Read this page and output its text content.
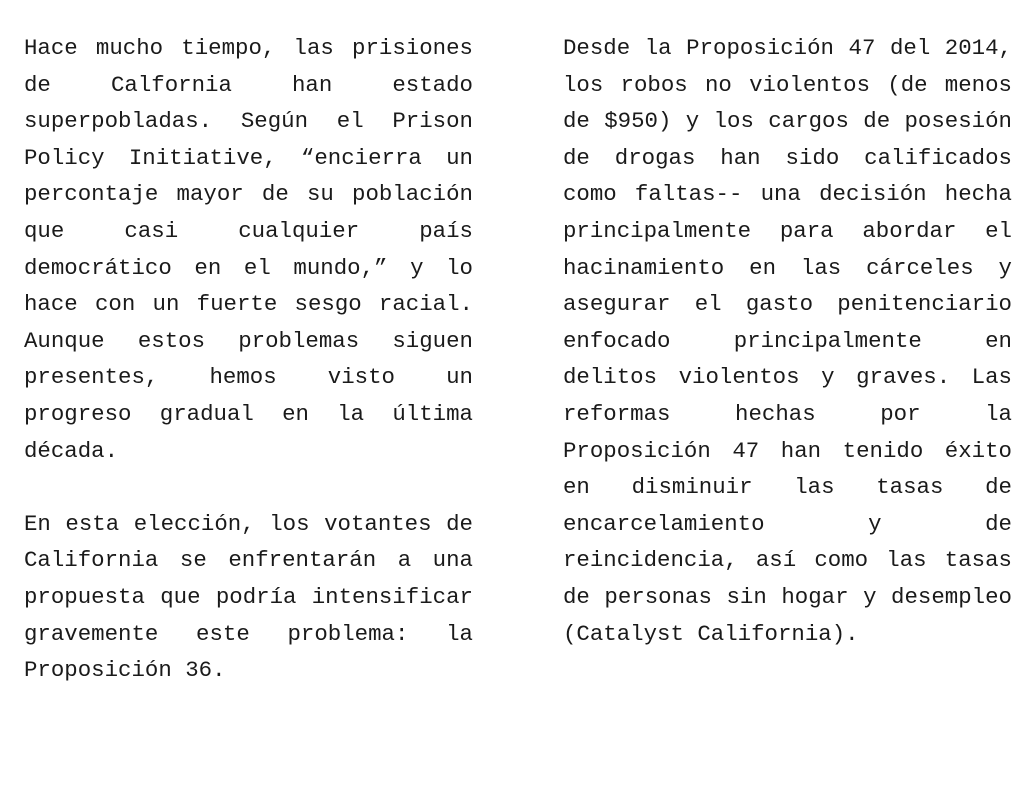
Hace mucho tiempo, las prisiones de Calfornia han estado superpobladas. Según el Prison Policy Initiative, “encierra un percontaje mayor de su población que casi cualquier país democrático en el mundo,” y lo hace con un fuerte sesgo racial. Aunque estos problemas siguen presentes, hemos visto un progreso gradual en la última década.

En esta elección, los votantes de California se enfrentarán a una propuesta que podría intensificar gravemente este problema: la Proposición 36.

Desde la Proposición 47 del 2014, los robos no violentos (de menos de $950) y los cargos de posesión de drogas han sido calificados como faltas-- una decisión hecha principalmente para abordar el hacinamiento en las cárceles y asegurar el gasto penitenciario enfocado principalmente en delitos violentos y graves. Las reformas hechas por la Proposición 47 han tenido éxito en disminuir las tasas de encarcelamiento y de reincidencia, así como las tasas de personas sin hogar y desempleo (Catalyst California).
